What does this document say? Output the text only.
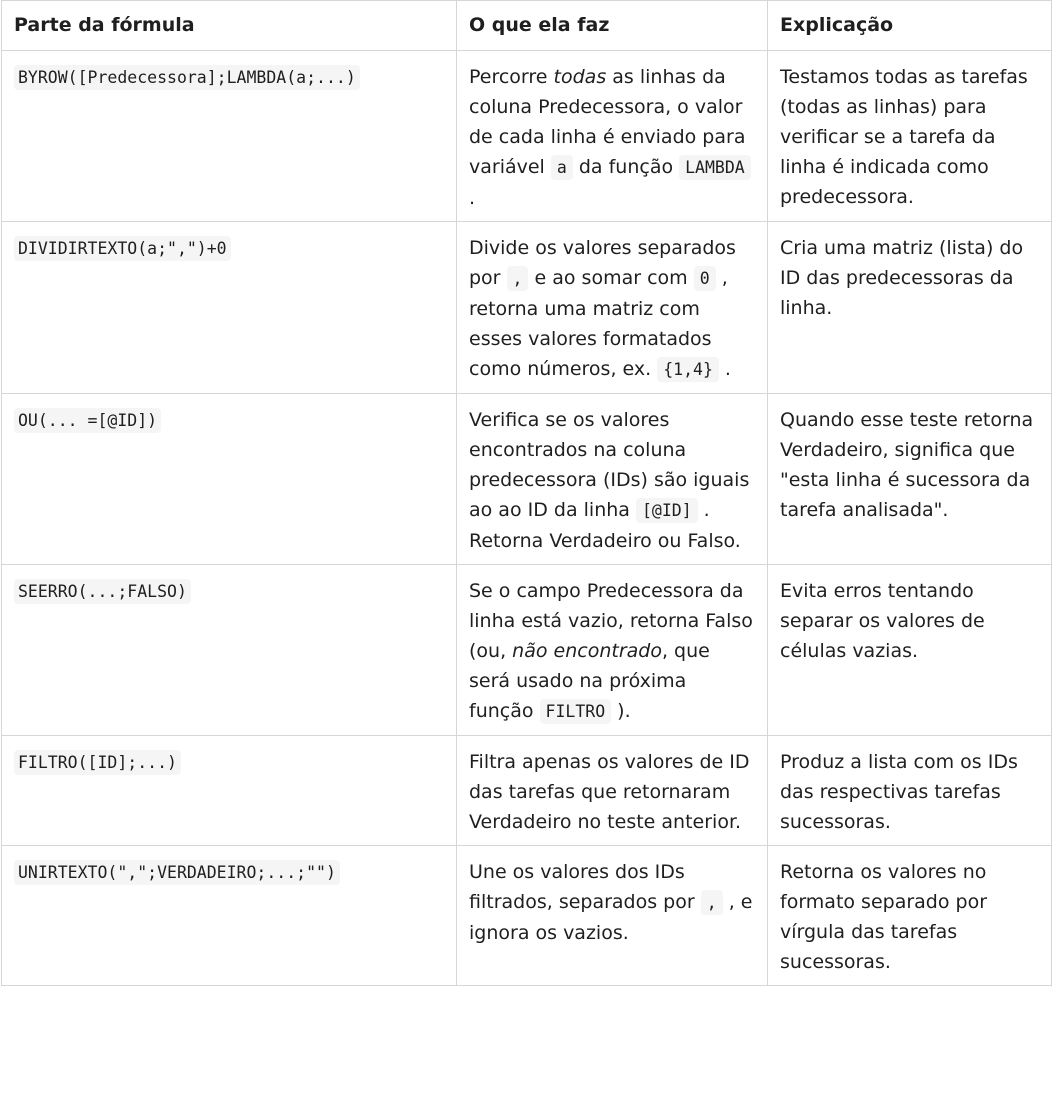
Parte da fórmula	O que ela faz	Explicação
BYROW([Predecessora];LAMBDA(a;...)	Percorre todas as linhas da coluna Predecessora, o valor de cada linha é enviado para variável a da função LAMBDA .	Testamos todas as tarefas (todas as linhas) para verificar se a tarefa da linha é indicada como predecessora.
DIVIDIRTEXTO(a;",")+0	Divide os valores separados por , e ao somar com 0 , retorna uma matriz com esses valores formatados como números, ex. {1,4} .	Cria uma matriz (lista) do ID das predecessoras da linha.
OU(... =[@ID])	Verifica se os valores encontrados na coluna predecessora (IDs) são iguais ao ao ID da linha [@ID] . Retorna Verdadeiro ou Falso.	Quando esse teste retorna Verdadeiro, significa que "esta linha é sucessora da tarefa analisada".
SEERRO(...;FALSO)	Se o campo Predecessora da linha está vazio, retorna Falso (ou, não encontrado, que será usado na próxima função FILTRO ).	Evita erros tentando separar os valores de células vazias.
FILTRO([ID];...)	Filtra apenas os valores de ID das tarefas que retornaram Verdadeiro no teste anterior.	Produz a lista com os IDs das respectivas tarefas sucessoras.
UNIRTEXTO(",";VERDADEIRO;...;"")	Une os valores dos IDs filtrados, separados por , , e ignora os vazios.	Retorna os valores no formato separado por vírgula das tarefas sucessoras.
